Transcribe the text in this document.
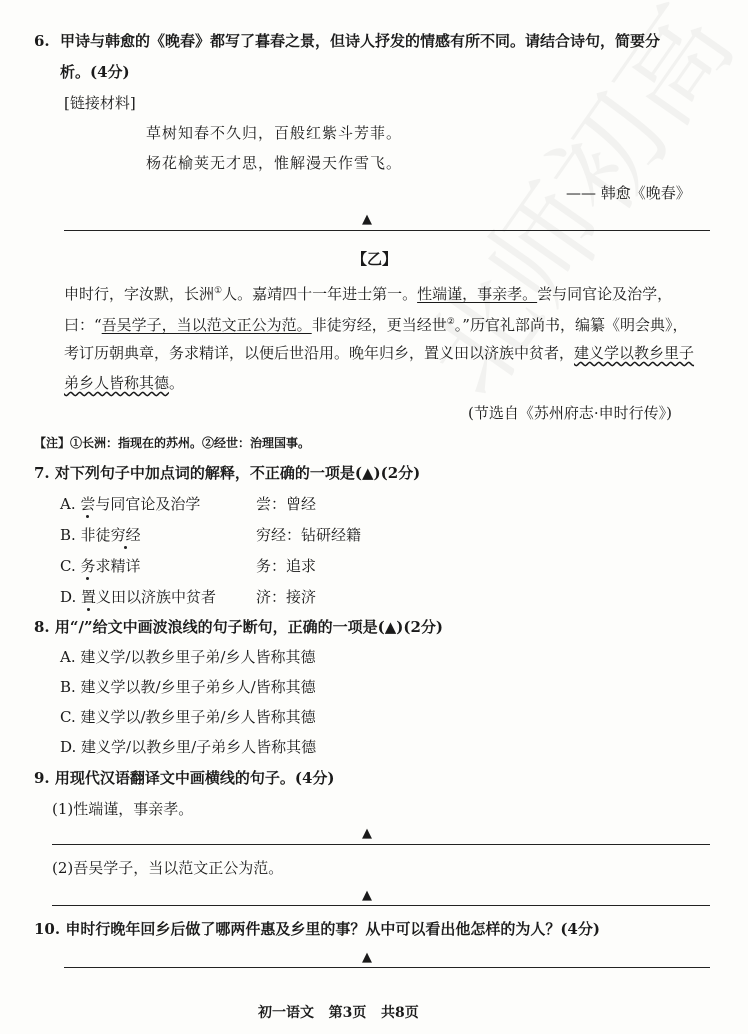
6. 甲诗与韩愈的《晚春》都写了暮春之景，但诗人抒发的情感有所不同。请结合诗句，简要分
析。(4分)
[链接材料]
草树知春不久归，百般红紫斗芳菲。
杨花榆荚无才思，惟解漫天作雪飞。
—— 韩愈《晚春》
▲
【乙】
申时行，字汝默，长洲①人。嘉靖四十一年进士第一。性端谨，事亲孝。尝与同官论及治学，
曰：“吾吴学子，当以范文正公为范。非徒穷经，更当经世②。”历官礼部尚书，编纂《明会典》，
考订历朝典章，务求精详，以便后世沿用。晚年归乡，置义田以济族中贫者，建义学以教乡里子
弟乡人皆称其德。
(节选自《苏州府志·申时行传》)
【注】①长洲：指现在的苏州。②经世：治理国事。
7. 对下列句子中加点词的解释，不正确的一项是(▲)(2分)
A. 尝与同官论及治学	尝：曾经
B. 非徒穷经	穷经：钻研经籍
C. 务求精详	务：追求
D. 置义田以济族中贫者	济：接济
8. 用“/”给文中画波浪线的句子断句，正确的一项是(▲)(2分)
A. 建义学/以教乡里子弟/乡人皆称其德
B. 建义学以教/乡里子弟乡人/皆称其德
C. 建义学以/教乡里子弟/乡人皆称其德
D. 建义学/以教乡里/子弟乡人皆称其德
9. 用现代汉语翻译文中画横线的句子。(4分)
(1)性端谨，事亲孝。
▲
(2)吾吴学子，当以范文正公为范。
▲
10. 申时行晚年回乡后做了哪两件惠及乡里的事？从中可以看出他怎样的为人？(4分)
▲
初一语文   第3页   共8页
